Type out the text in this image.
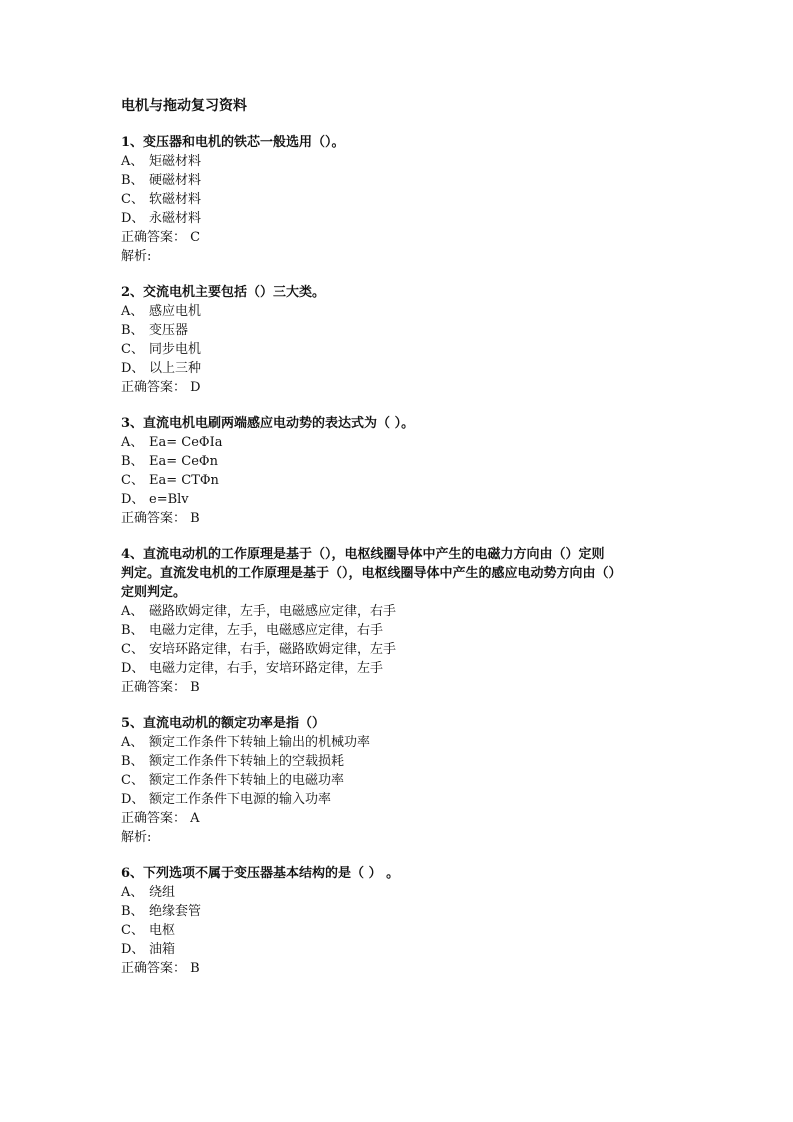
电机与拖动复习资料
1、变压器和电机的铁芯一般选用（）。
A、 矩磁材料
B、 硬磁材料
C、 软磁材料
D、 永磁材料
正确答案： C
解析:
2、交流电机主要包括（）三大类。
A、 感应电机
B、 变压器
C、 同步电机
D、 以上三种
正确答案： D
3、直流电机电刷两端感应电动势的表达式为（ ）。
A、 Ea= CeΦIa
B、 Ea= CeΦn
C、 Ea= CTΦn
D、 e=Blv
正确答案： B
4、直流电动机的工作原理是基于（），电枢线圈导体中产生的电磁力方向由（）定则
判定。直流发电机的工作原理是基于（），电枢线圈导体中产生的感应电动势方向由（）
定则判定。
A、 磁路欧姆定律，左手，电磁感应定律，右手
B、 电磁力定律，左手，电磁感应定律，右手
C、 安培环路定律，右手，磁路欧姆定律，左手
D、 电磁力定律，右手，安培环路定律，左手
正确答案： B
5、直流电动机的额定功率是指（）
A、 额定工作条件下转轴上输出的机械功率
B、 额定工作条件下转轴上的空载损耗
C、 额定工作条件下转轴上的电磁功率
D、 额定工作条件下电源的输入功率
正确答案： A
解析:
6、下列选项不属于变压器基本结构的是（ ） 。
A、 绕组
B、 绝缘套管
C、 电枢
D、 油箱
正确答案： B
